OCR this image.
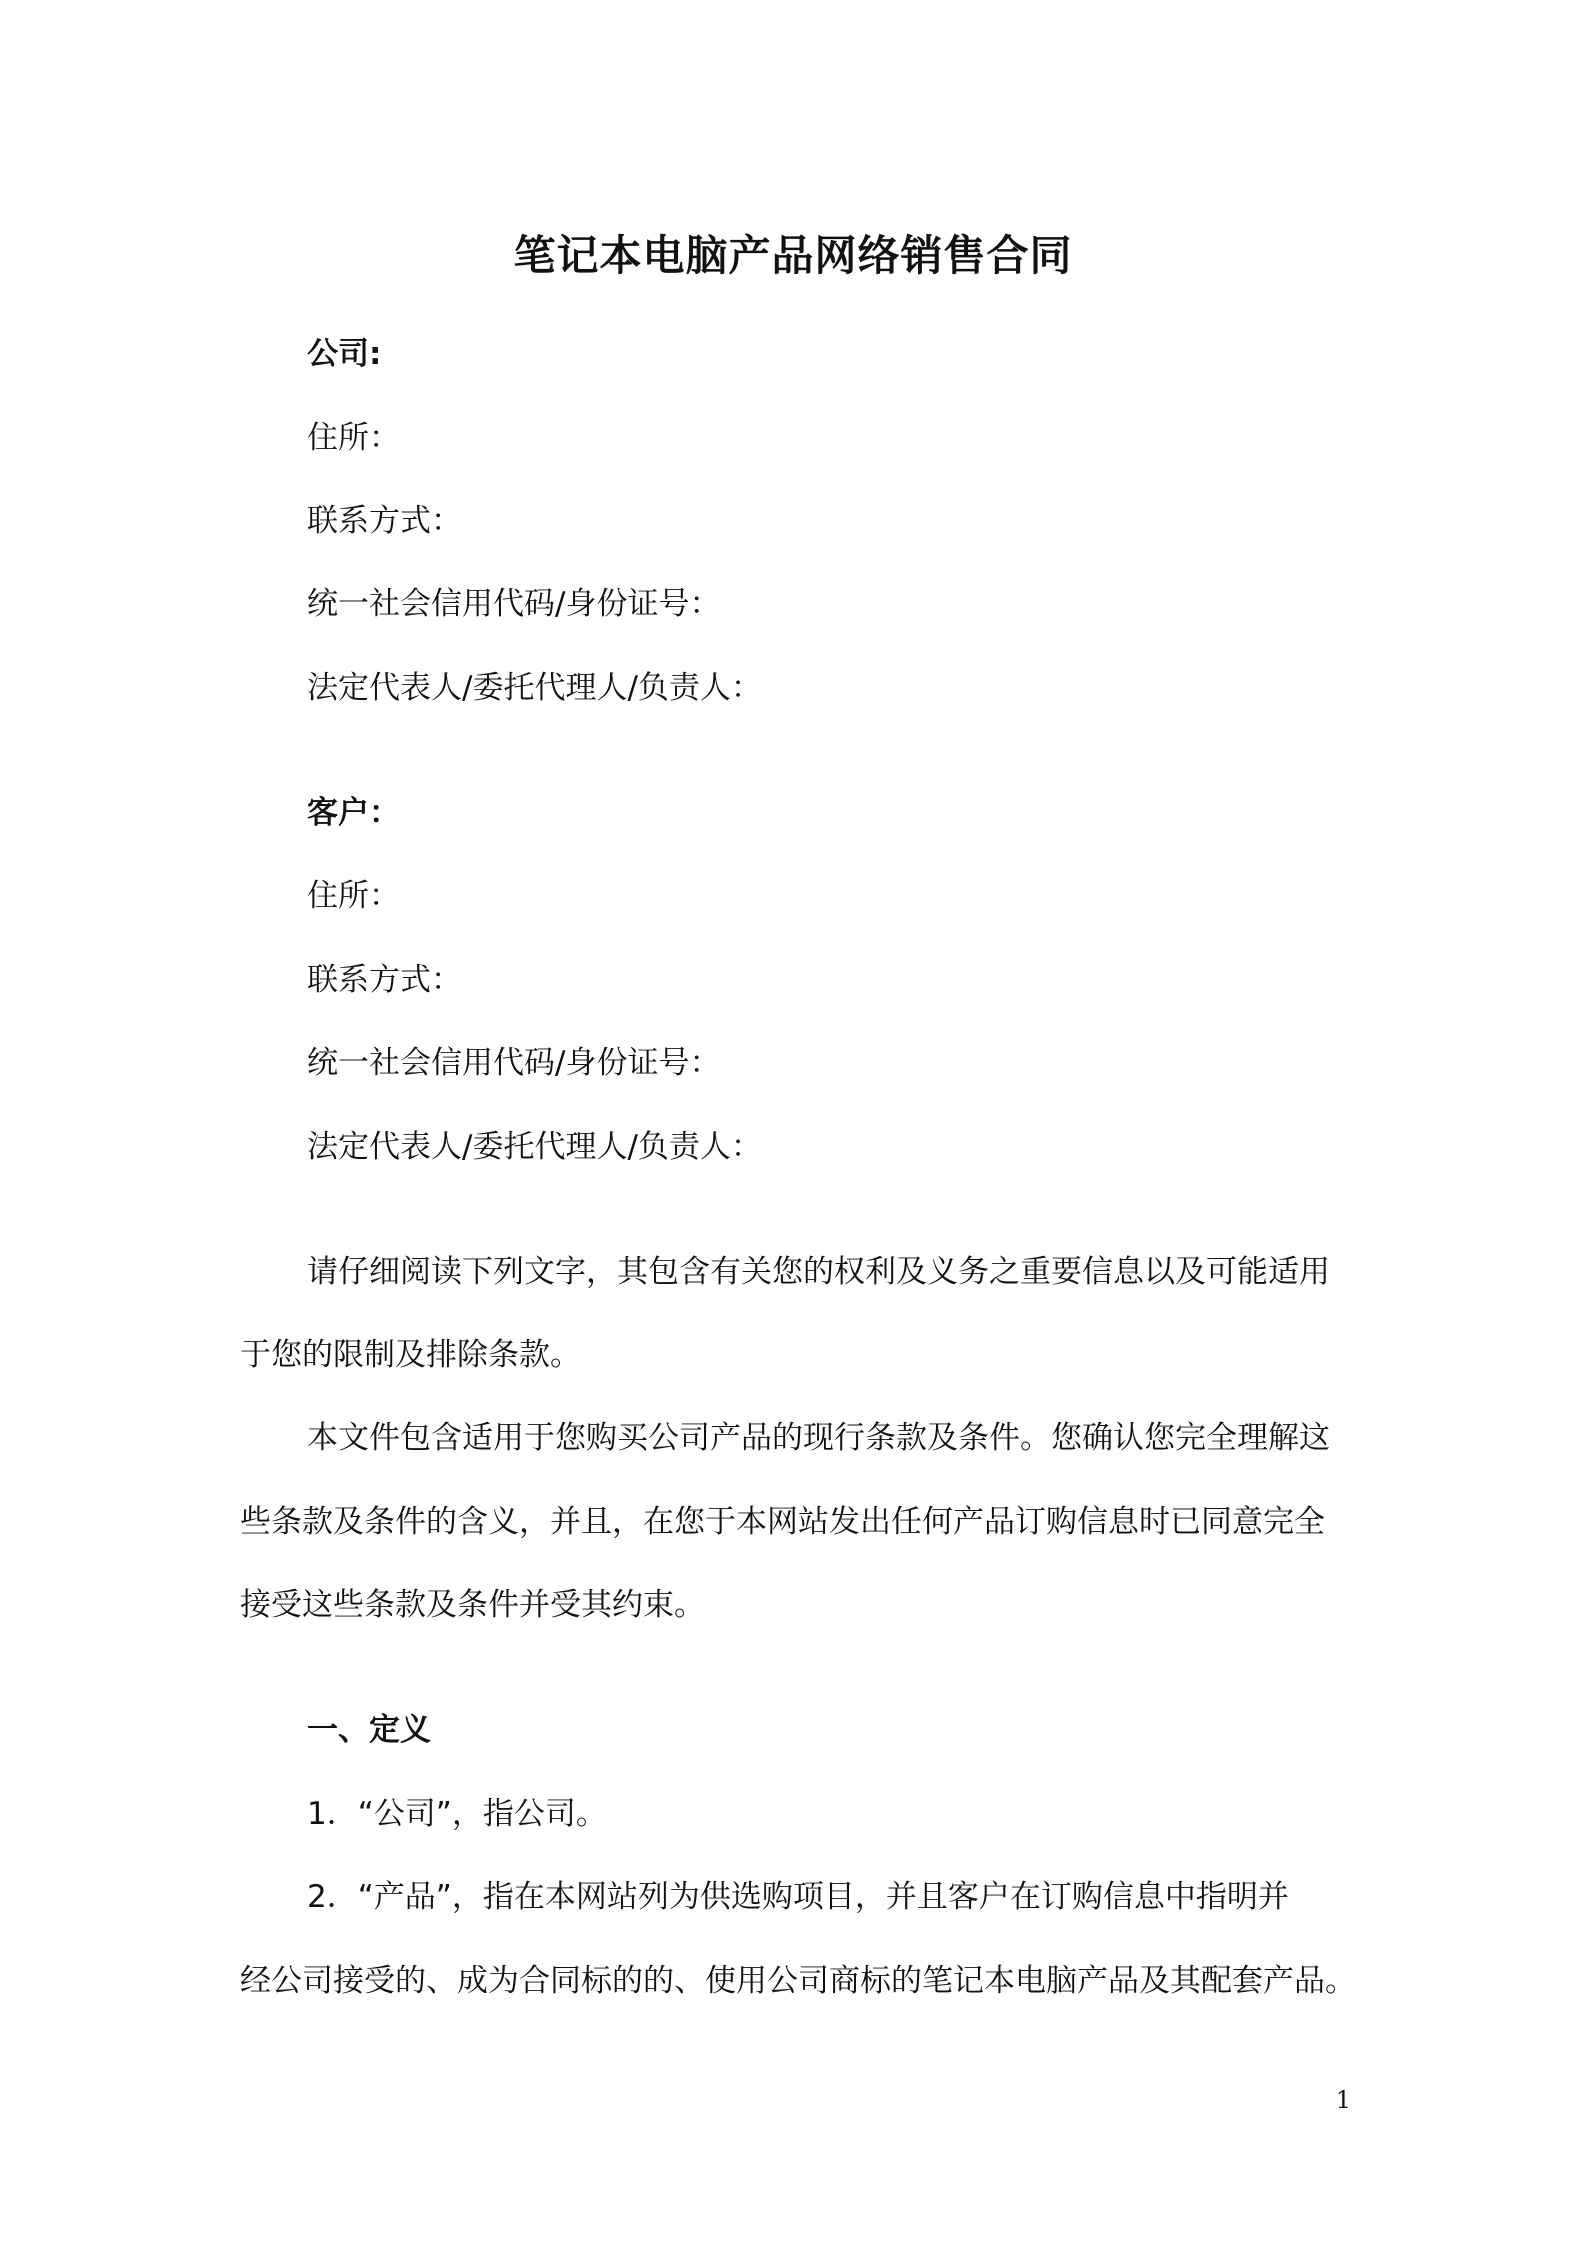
笔记本电脑产品网络销售合同
公司:
住所：
联系方式：
统一社会信用代码/身份证号：
法定代表人/委托代理人/负责人：
客户：
住所：
联系方式：
统一社会信用代码/身份证号：
法定代表人/委托代理人/负责人：
请仔细阅读下列文字，其包含有关您的权利及义务之重要信息以及可能适用
于您的限制及排除条款。
本文件包含适用于您购买公司产品的现行条款及条件。您确认您完全理解这
些条款及条件的含义，并且，在您于本网站发出任何产品订购信息时已同意完全
接受这些条款及条件并受其约束。
一、定义
1．“公司”，指公司。
2．“产品”，指在本网站列为供选购项目，并且客户在订购信息中指明并
经公司接受的、成为合同标的的、使用公司商标的笔记本电脑产品及其配套产品。
1
